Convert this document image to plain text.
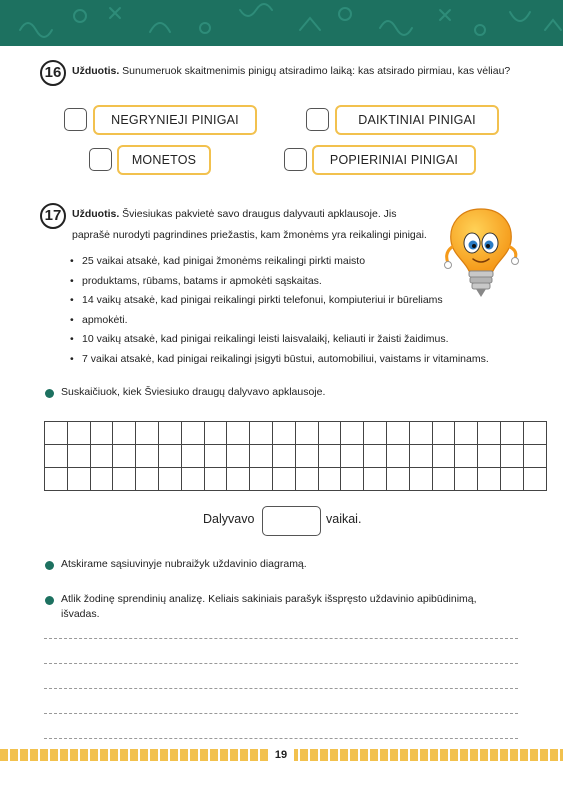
16	Užduotis. Sunumeruok skaitmenimis pinigų atsiradimo laiką: kas atsirado pirmiau, kas vėliau?
NEGRYNIEJI PINIGAI	DAIKTINIAI PINIGAI
MONETOS	POPIERINIAI PINIGAI
17	Užduotis. Šviesiukas pakvietė savo draugus dalyvauti apklausoje. Jis
paprašė nurodyti pagrindines priežastis, kam žmonėms yra reikalingi pinigai.
• 25 vaikai atsakė, kad pinigai žmonėms reikalingi pirkti maisto
• produktams, rūbams, batams ir apmokėti sąskaitas.
• 14 vaikų atsakė, kad pinigai reikalingi pirkti telefonui, kompiuteriui ir būreliams
• apmokėti.
• 10 vaikų atsakė, kad pinigai reikalingi leisti laisvalaikį, keliauti ir žaisti žaidimus.
• 7 vaikai atsakė, kad pinigai reikalingi įsigyti būstui, automobiliui, vaistams ir vitaminams.
Suskaičiuok, kiek Šviesiuko draugų dalyvavo apklausoje.

Dalyvavo	vaikai.
Atskirame sąsiuvinyje nubraižyk uždavinio diagramą.
Atlik žodinę sprendinių analizę. Keliais sakiniais parašyk išspręsto uždavinio apibūdinimą,
išvadas.
19
